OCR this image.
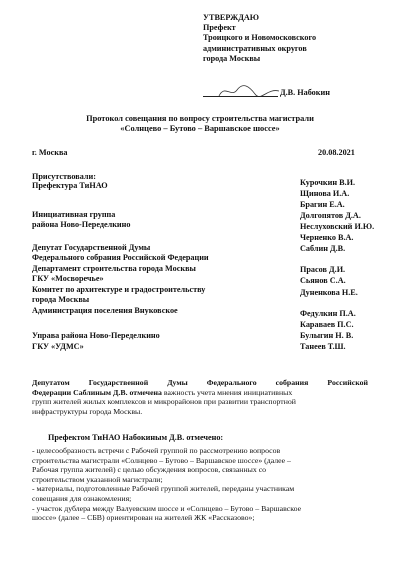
УТВЕРЖДАЮ
Префект
Троицкого и Новомосковского
административных округов
города Москвы
Д.В. Набокин
Протокол совещания по вопросу строительства магистрали
«Солнцево – Бутово – Варшавское шоссе»
г. Москва	20.08.2021
Присутствовали:
Префектура ТиНАО
Инициативная группа
района Ново-Переделкино
Депутат Государственной Думы
Федерального собрания Российской Федерации
Департамент строительства города Москвы
ГКУ «Мосворечье»
Комитет по архитектуре и градостроительству
города Москвы
Администрация поселения Внуковское
Управа района Ново-Переделкино
ГКУ «УДМС»
Курочкин В.И.
Щинова И.А.
Брагин Е.А.
Долгопятов Д.А.
Неслуховский И.Ю.
Черненко В.А.
Саблин Д.В.
Прасов Д.И.
Сьянов С.А.
Дуненкова Н.Е.
Федулкин П.А.
Караваев П.С.
Булыгин Н. В.
Танеев Т.Ш.
Депутатом Государственной Думы Федерального собрания Российской
Федерации Саблиным Д.В. отмечена важность учета мнения инициативных
групп жителей жилых комплексов и микрорайонов при развитии транспортной
инфраструктуры города Москвы.
Префектом ТиНАО Набокиным Д.В. отмечено:
- целесообразность встречи с Рабочей группой по рассмотрению вопросов
строительства магистрали «Солнцево – Бутово – Варшавское шоссе» (далее –
Рабочая группа жителей) с целью обсуждения вопросов, связанных со
строительством указанной магистрали;
- материалы, подготовленные Рабочей группой жителей, переданы участникам
совещания для ознакомления;
- участок дублера между Валуевским шоссе и «Солнцево – Бутово – Варшавское
шоссе» (далее – СБВ) ориентирован на жителей ЖК «Рассказово»;
